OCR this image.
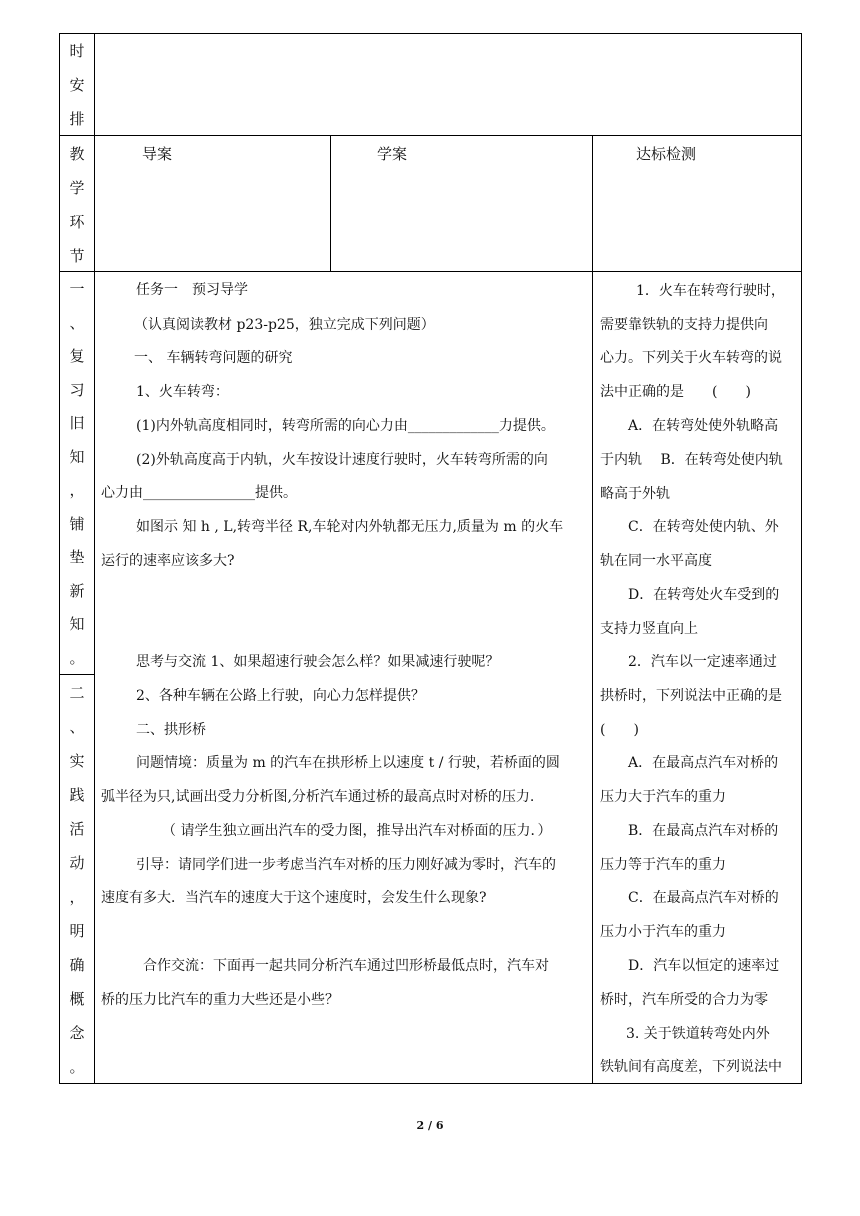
时
安
排
教
学
环
节
导案	学案	达标检测
一
、
复
习
旧
知
，
铺
垫
新
知
。
二
、
实
践
活
动
，
明
确
概
念
。
任务一　预习导学
（认真阅读教材 p23-p25，独立完成下列问题）
一、 车辆转弯问题的研究
1、火车转弯：
(1)内外轨高度相同时，转弯所需的向心力由_____________力提供。
(2)外轨高度高于内轨，火车按设计速度行驶时，火车转弯所需的向
心力由________________提供。
如图示 知 h , L,转弯半径 R,车轮对内外轨都无压力,质量为 m 的火车
运行的速率应该多大?
思考与交流 1、如果超速行驶会怎么样？如果减速行驶呢？
2、各种车辆在公路上行驶，向心力怎样提供？
二、拱形桥
问题情境：质量为 m 的汽车在拱形桥上以速度 t / 行驶，若桥面的圆
弧半径为只,试画出受力分析图,分析汽车通过桥的最高点时对桥的压力.
（ 请学生独立画出汽车的受力图，推导出汽车对桥面的压力．）
引导：请同学们进一步考虑当汽车对桥的压力刚好减为零时，汽车的
速度有多大．当汽车的速度大于这个速度时，会发生什么现象?
合作交流：下面再一起共同分析汽车通过凹形桥最低点时，汽车对
桥的压力比汽车的重力大些还是小些？
1．火车在转弯行驶时，
需要靠铁轨的支持力提供向
心力。下列关于火车转弯的说
法中正确的是　　(　　)
A．在转弯处使外轨略高
于内轨　 B．在转弯处使内轨
略高于外轨
C．在转弯处使内轨、外
轨在同一水平高度
D．在转弯处火车受到的
支持力竖直向上
2．汽车以一定速率通过
拱桥时，下列说法中正确的是
(　　)
A．在最高点汽车对桥的
压力大于汽车的重力
B．在最高点汽车对桥的
压力等于汽车的重力
C．在最高点汽车对桥的
压力小于汽车的重力
D．汽车以恒定的速率过
桥时，汽车所受的合力为零
3. 关于铁道转弯处内外
铁轨间有高度差，下列说法中
2 / 6
